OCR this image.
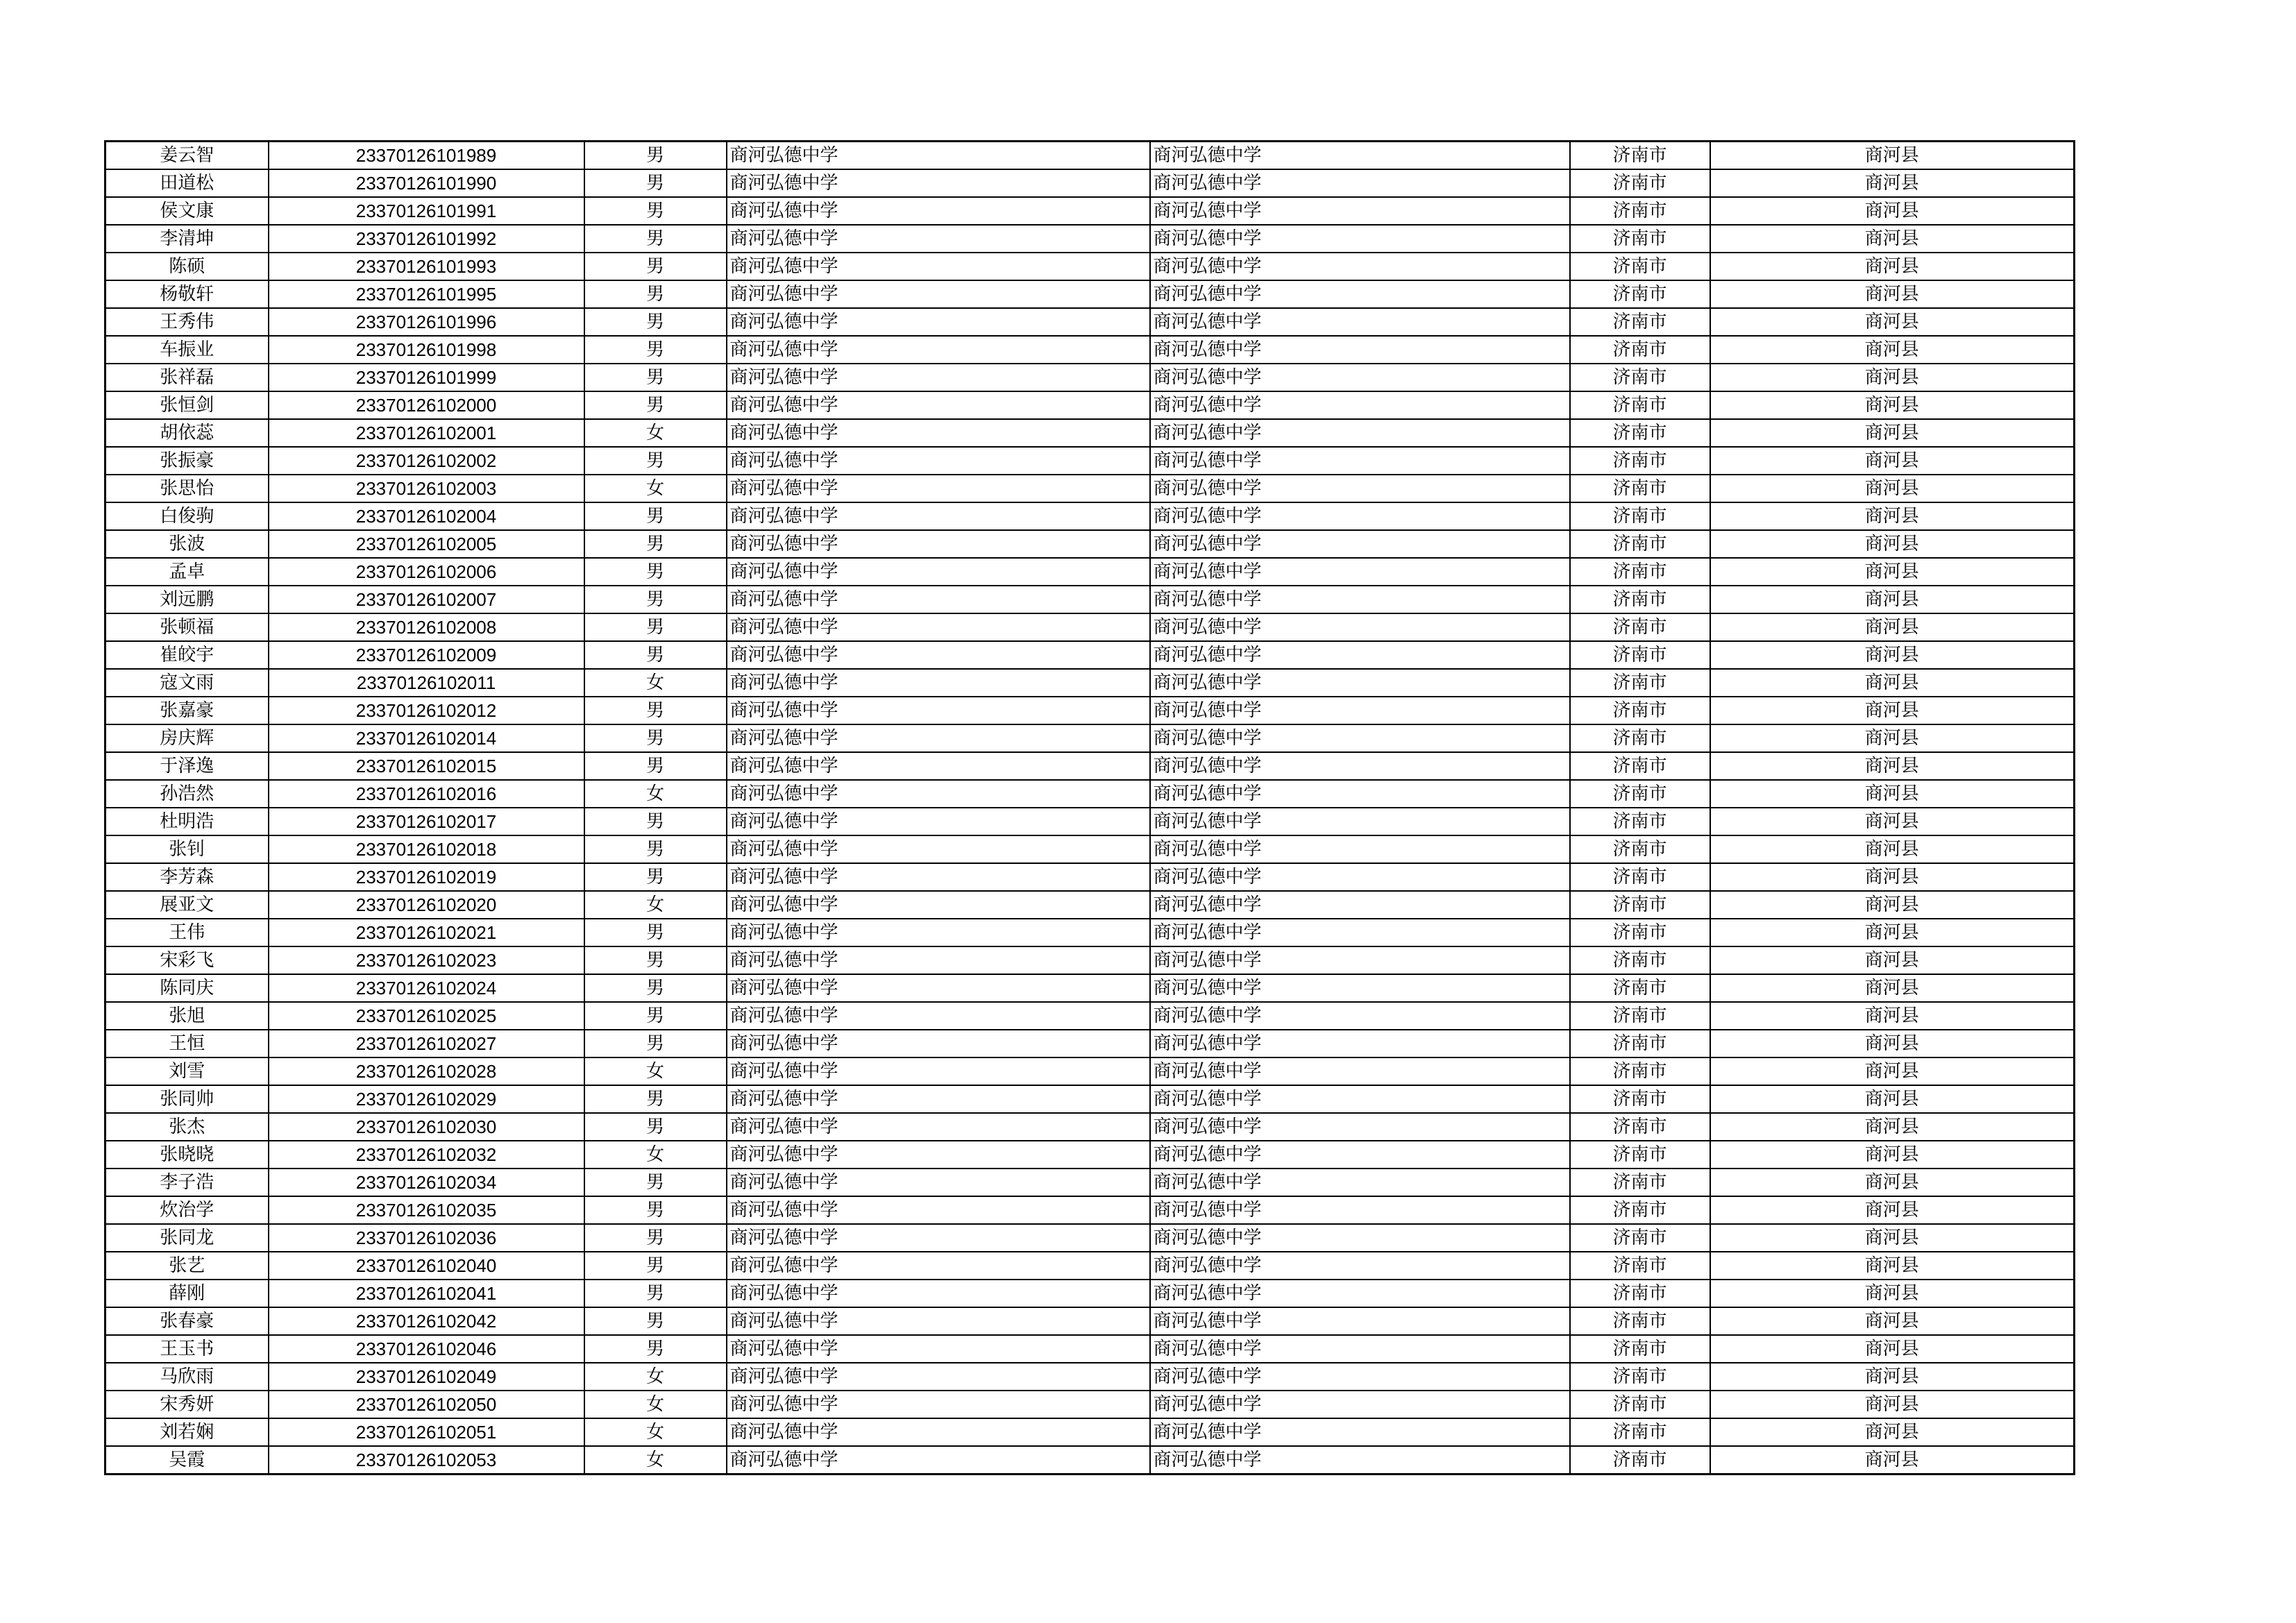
姜云智	23370126101989	男	商河弘德中学	商河弘德中学	济南市	商河县
田道松	23370126101990	男	商河弘德中学	商河弘德中学	济南市	商河县
侯文康	23370126101991	男	商河弘德中学	商河弘德中学	济南市	商河县
李清坤	23370126101992	男	商河弘德中学	商河弘德中学	济南市	商河县
陈硕	23370126101993	男	商河弘德中学	商河弘德中学	济南市	商河县
杨敬轩	23370126101995	男	商河弘德中学	商河弘德中学	济南市	商河县
王秀伟	23370126101996	男	商河弘德中学	商河弘德中学	济南市	商河县
车振业	23370126101998	男	商河弘德中学	商河弘德中学	济南市	商河县
张祥磊	23370126101999	男	商河弘德中学	商河弘德中学	济南市	商河县
张恒剑	23370126102000	男	商河弘德中学	商河弘德中学	济南市	商河县
胡依蕊	23370126102001	女	商河弘德中学	商河弘德中学	济南市	商河县
张振豪	23370126102002	男	商河弘德中学	商河弘德中学	济南市	商河县
张思怡	23370126102003	女	商河弘德中学	商河弘德中学	济南市	商河县
白俊驹	23370126102004	男	商河弘德中学	商河弘德中学	济南市	商河县
张波	23370126102005	男	商河弘德中学	商河弘德中学	济南市	商河县
孟卓	23370126102006	男	商河弘德中学	商河弘德中学	济南市	商河县
刘远鹏	23370126102007	男	商河弘德中学	商河弘德中学	济南市	商河县
张顿福	23370126102008	男	商河弘德中学	商河弘德中学	济南市	商河县
崔皎宇	23370126102009	男	商河弘德中学	商河弘德中学	济南市	商河县
寇文雨	23370126102011	女	商河弘德中学	商河弘德中学	济南市	商河县
张嘉豪	23370126102012	男	商河弘德中学	商河弘德中学	济南市	商河县
房庆辉	23370126102014	男	商河弘德中学	商河弘德中学	济南市	商河县
于泽逸	23370126102015	男	商河弘德中学	商河弘德中学	济南市	商河县
孙浩然	23370126102016	女	商河弘德中学	商河弘德中学	济南市	商河县
杜明浩	23370126102017	男	商河弘德中学	商河弘德中学	济南市	商河县
张钊	23370126102018	男	商河弘德中学	商河弘德中学	济南市	商河县
李芳森	23370126102019	男	商河弘德中学	商河弘德中学	济南市	商河县
展亚文	23370126102020	女	商河弘德中学	商河弘德中学	济南市	商河县
王伟	23370126102021	男	商河弘德中学	商河弘德中学	济南市	商河县
宋彩飞	23370126102023	男	商河弘德中学	商河弘德中学	济南市	商河县
陈同庆	23370126102024	男	商河弘德中学	商河弘德中学	济南市	商河县
张旭	23370126102025	男	商河弘德中学	商河弘德中学	济南市	商河县
王恒	23370126102027	男	商河弘德中学	商河弘德中学	济南市	商河县
刘雪	23370126102028	女	商河弘德中学	商河弘德中学	济南市	商河县
张同帅	23370126102029	男	商河弘德中学	商河弘德中学	济南市	商河县
张杰	23370126102030	男	商河弘德中学	商河弘德中学	济南市	商河县
张晓晓	23370126102032	女	商河弘德中学	商河弘德中学	济南市	商河县
李子浩	23370126102034	男	商河弘德中学	商河弘德中学	济南市	商河县
炊治学	23370126102035	男	商河弘德中学	商河弘德中学	济南市	商河县
张同龙	23370126102036	男	商河弘德中学	商河弘德中学	济南市	商河县
张艺	23370126102040	男	商河弘德中学	商河弘德中学	济南市	商河县
薛刚	23370126102041	男	商河弘德中学	商河弘德中学	济南市	商河县
张春豪	23370126102042	男	商河弘德中学	商河弘德中学	济南市	商河县
王玉书	23370126102046	男	商河弘德中学	商河弘德中学	济南市	商河县
马欣雨	23370126102049	女	商河弘德中学	商河弘德中学	济南市	商河县
宋秀妍	23370126102050	女	商河弘德中学	商河弘德中学	济南市	商河县
刘若娴	23370126102051	女	商河弘德中学	商河弘德中学	济南市	商河县
吴霞	23370126102053	女	商河弘德中学	商河弘德中学	济南市	商河县
